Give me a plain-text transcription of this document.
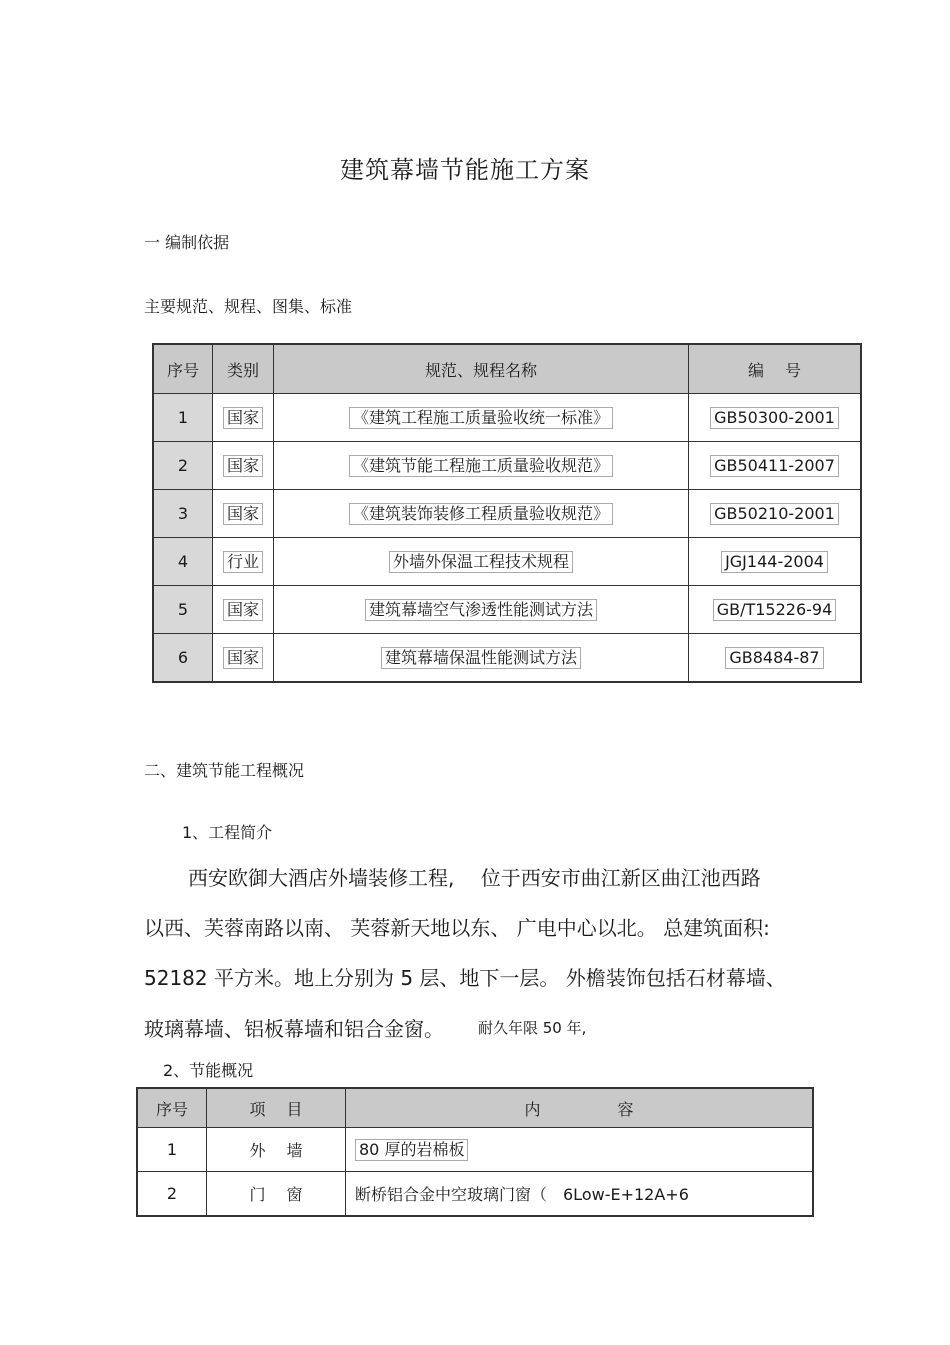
建筑幕墙节能施工方案
一 编制依据
主要规范、规程、图集、标准
序号	类别	规范、规程名称	编　 号
1	国家	《建筑工程施工质量验收统一标准》	GB50300-2001
2	国家	《建筑节能工程施工质量验收规范》	GB50411-2007
3	国家	《建筑装饰装修工程质量验收规范》	GB50210-2001
4	行业	外墙外保温工程技术规程	JGJ144-2004
5	国家	建筑幕墙空气渗透性能测试方法	GB/T15226-94
6	国家	建筑幕墙保温性能测试方法	GB8484-87
二、建筑节能工程概况
1、工程简介
西安欧御大酒店外墙装修工程,　 位于西安市曲江新区曲江池西路
以西、芙蓉南路以南、 芙蓉新天地以东、 广电中心以北。 总建筑面积:
52182 平方米。地上分别为 5 层、地下一层。 外檐装饰包括石材幕墙、
玻璃幕墙、铝板幕墙和铝合金窗。 耐久年限 50 年,
2、节能概况
序号	项　 目	内 容

1	外　 墙	80 厚的岩棉板
2	门　 窗	断桥铝合金中空玻璃门窗（　6Low-E+12A+6
